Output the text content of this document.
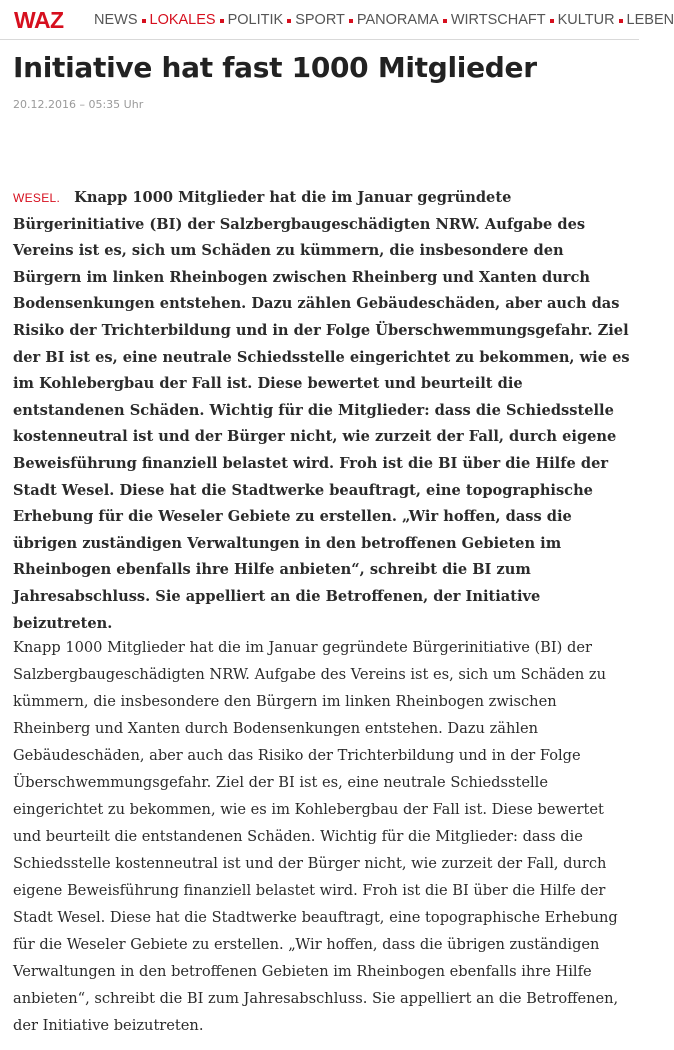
WAZ NEWS LOKALES POLITIK SPORT PANORAMA WIRTSCHAFT KULTUR LEBEN
Initiative hat fast 1000 Mitglieder
20.12.2016 – 05:35 Uhr

WESEL. Knapp 1000 Mitglieder hat die im Januar gegründete Bürgerinitiative (BI) der Salzbergbaugeschädigten NRW. Aufgabe des Vereins ist es, sich um Schäden zu kümmern, die insbesondere den Bürgern im linken Rheinbogen zwischen Rheinberg und Xanten durch Bodensenkungen entstehen. Dazu zählen Gebäudeschäden, aber auch das Risiko der Trichterbildung und in der Folge Überschwemmungsgefahr. Ziel der BI ist es, eine neutrale Schiedsstelle eingerichtet zu bekommen, wie es im Kohlebergbau der Fall ist. Diese bewertet und beurteilt die entstandenen Schäden. Wichtig für die Mitglieder: dass die Schiedsstelle kostenneutral ist und der Bürger nicht, wie zurzeit der Fall, durch eigene Beweisführung finanziell belastet wird. Froh ist die BI über die Hilfe der Stadt Wesel. Diese hat die Stadtwerke beauftragt, eine topographische Erhebung für die Weseler Gebiete zu erstellen. „Wir hoffen, dass die übrigen zuständigen Verwaltungen in den betroffenen Gebieten im Rheinbogen ebenfalls ihre Hilfe anbieten“, schreibt die BI zum Jahresabschluss. Sie appelliert an die Betroffenen, der Initiative beizutreten.

Knapp 1000 Mitglieder hat die im Januar gegründete Bürgerinitiative (BI) der Salzbergbaugeschädigten NRW. Aufgabe des Vereins ist es, sich um Schäden zu kümmern, die insbesondere den Bürgern im linken Rheinbogen zwischen Rheinberg und Xanten durch Bodensenkungen entstehen. Dazu zählen Gebäudeschäden, aber auch das Risiko der Trichterbildung und in der Folge Überschwemmungsgefahr. Ziel der BI ist es, eine neutrale Schiedsstelle eingerichtet zu bekommen, wie es im Kohlebergbau der Fall ist. Diese bewertet und beurteilt die entstandenen Schäden. Wichtig für die Mitglieder: dass die Schiedsstelle kostenneutral ist und der Bürger nicht, wie zurzeit der Fall, durch eigene Beweisführung finanziell belastet wird. Froh ist die BI über die Hilfe der Stadt Wesel. Diese hat die Stadtwerke beauftragt, eine topographische Erhebung für die Weseler Gebiete zu erstellen. „Wir hoffen, dass die übrigen zuständigen Verwaltungen in den betroffenen Gebieten im Rheinbogen ebenfalls ihre Hilfe anbieten“, schreibt die BI zum Jahresabschluss. Sie appelliert an die Betroffenen, der Initiative beizutreten.
